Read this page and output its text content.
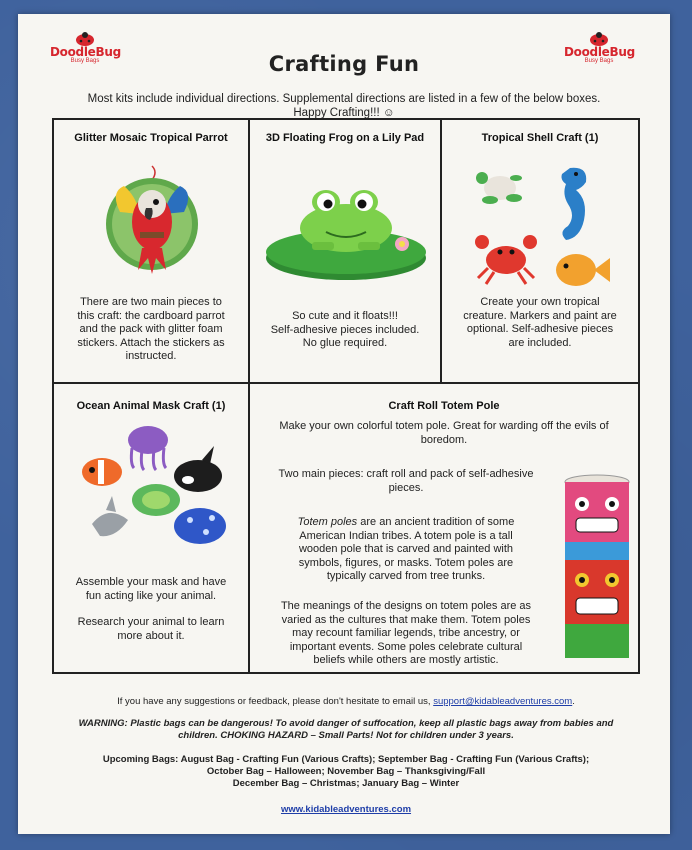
DoodleBug
Busy Bags
DoodleBug
Busy Bags
Crafting Fun
Most kits include individual directions. Supplemental directions are listed in a few of the below boxes.
Happy Crafting!!! ☺
Glitter Mosaic Tropical Parrot
There are two main pieces to
this craft: the cardboard parrot
and the pack with glitter foam
stickers. Attach the stickers as
instructed.
3D Floating Frog on a Lily Pad
So cute and it floats!!!
Self-adhesive pieces included.
No glue required.
Tropical Shell Craft (1)
Create your own tropical
creature. Markers and paint are
optional. Self-adhesive pieces
are included.
Ocean Animal Mask Craft (1)
Assemble your mask and have
fun acting like your animal.
Research your animal to learn
more about it.
Craft Roll Totem Pole
Make your own colorful totem pole. Great for warding off the evils of
boredom.
Two main pieces: craft roll and pack of self-adhesive
pieces.
Totem poles are an ancient tradition of some
American Indian tribes. A totem pole is a tall
wooden pole that is carved and painted with
symbols, figures, or masks. Totem poles are
typically carved from tree trunks.
The meanings of the designs on totem poles are as
varied as the cultures that make them. Totem poles
may recount familiar legends, tribe ancestry, or
important events. Some poles celebrate cultural
beliefs while others are mostly artistic.
If you have any suggestions or feedback, please don't hesitate to email us, support@kidableadventures.com.
WARNING: Plastic bags can be dangerous! To avoid danger of suffocation, keep all plastic bags away from babies and
children. CHOKING HAZARD – Small Parts! Not for children under 3 years.
Upcoming Bags: August Bag - Crafting Fun (Various Crafts); September Bag - Crafting Fun (Various Crafts);
October Bag – Halloween; November Bag – Thanksgiving/Fall
December Bag – Christmas; January Bag – Winter
www.kidableadventures.com
